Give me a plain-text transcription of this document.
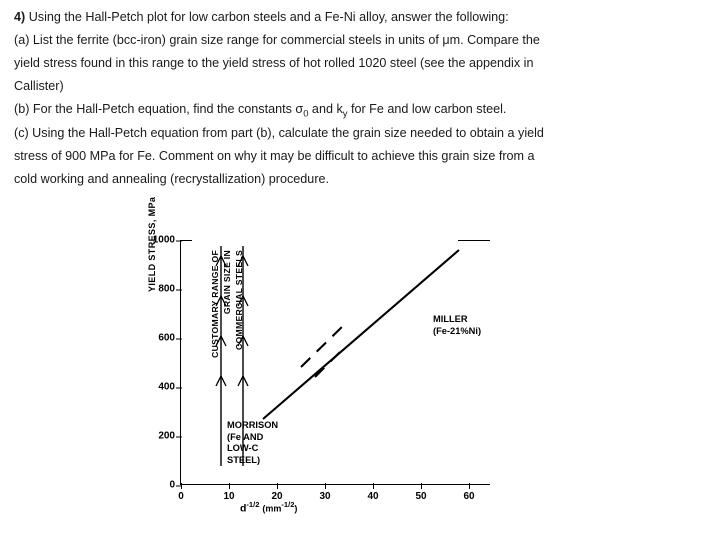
4) Using the Hall-Petch plot for low carbon steels and a Fe-Ni alloy, answer the following:
(a) List the ferrite (bcc-iron) grain size range for commercial steels in units of μm. Compare the
yield stress found in this range to the yield stress of hot rolled 1020 steel (see the appendix in
Callister)
(b) For the Hall-Petch equation, find the constants $\sigma_0$ and $k_y$ for Fe and low carbon steel.
(c) Using the Hall-Petch equation from part (b), calculate the grain size needed to obtain a yield
stress of 900 MPa for Fe. Comment on why it may be difficult to achieve this grain size from a
cold working and annealing (recrystallization) procedure.
YIELD STRESS, MPa
0
200
400
600
800
1000
0	10	20	30	40	50	60
CUSTOMARY RANGE OF GRAIN SIZE IN COMMERCIAL STEELS	MILLER
(Fe-21%Ni)
MORRISON
(Fe AND
LOW-C
STEEL)
$d^{-1/2}$ $(mm^{-1/2})$
